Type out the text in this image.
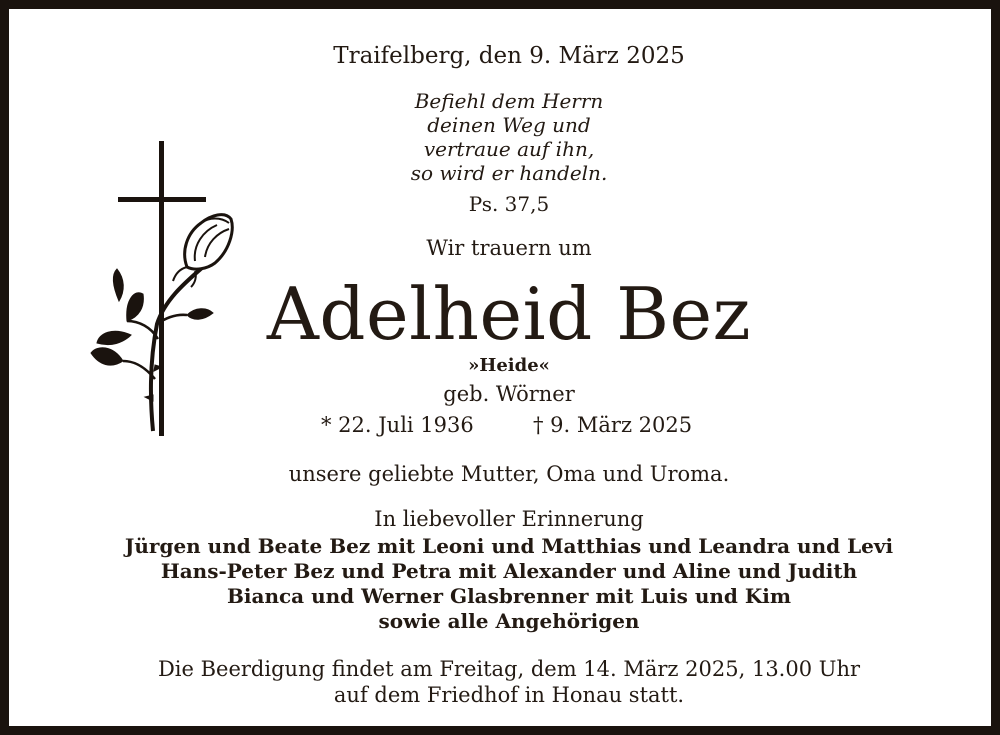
Traifelberg, den 9. März 2025

Befiehl dem Herrn
deinen Weg und
vertraue auf ihn,
so wird er handeln.

Ps. 37,5

Wir trauern um

Adelheid Bez

»Heide«

geb. Wörner

* 22. Juli 1936	† 9. März 2025

unsere geliebte Mutter, Oma und Uroma.

In liebevoller Erinnerung

Jürgen und Beate Bez mit Leoni und Matthias und Leandra und Levi
Hans-Peter Bez und Petra mit Alexander und Aline und Judith
Bianca und Werner Glasbrenner mit Luis und Kim
sowie alle Angehörigen
Die Beerdigung findet am Freitag, dem 14. März 2025, 13.00 Uhr
auf dem Friedhof in Honau statt.
